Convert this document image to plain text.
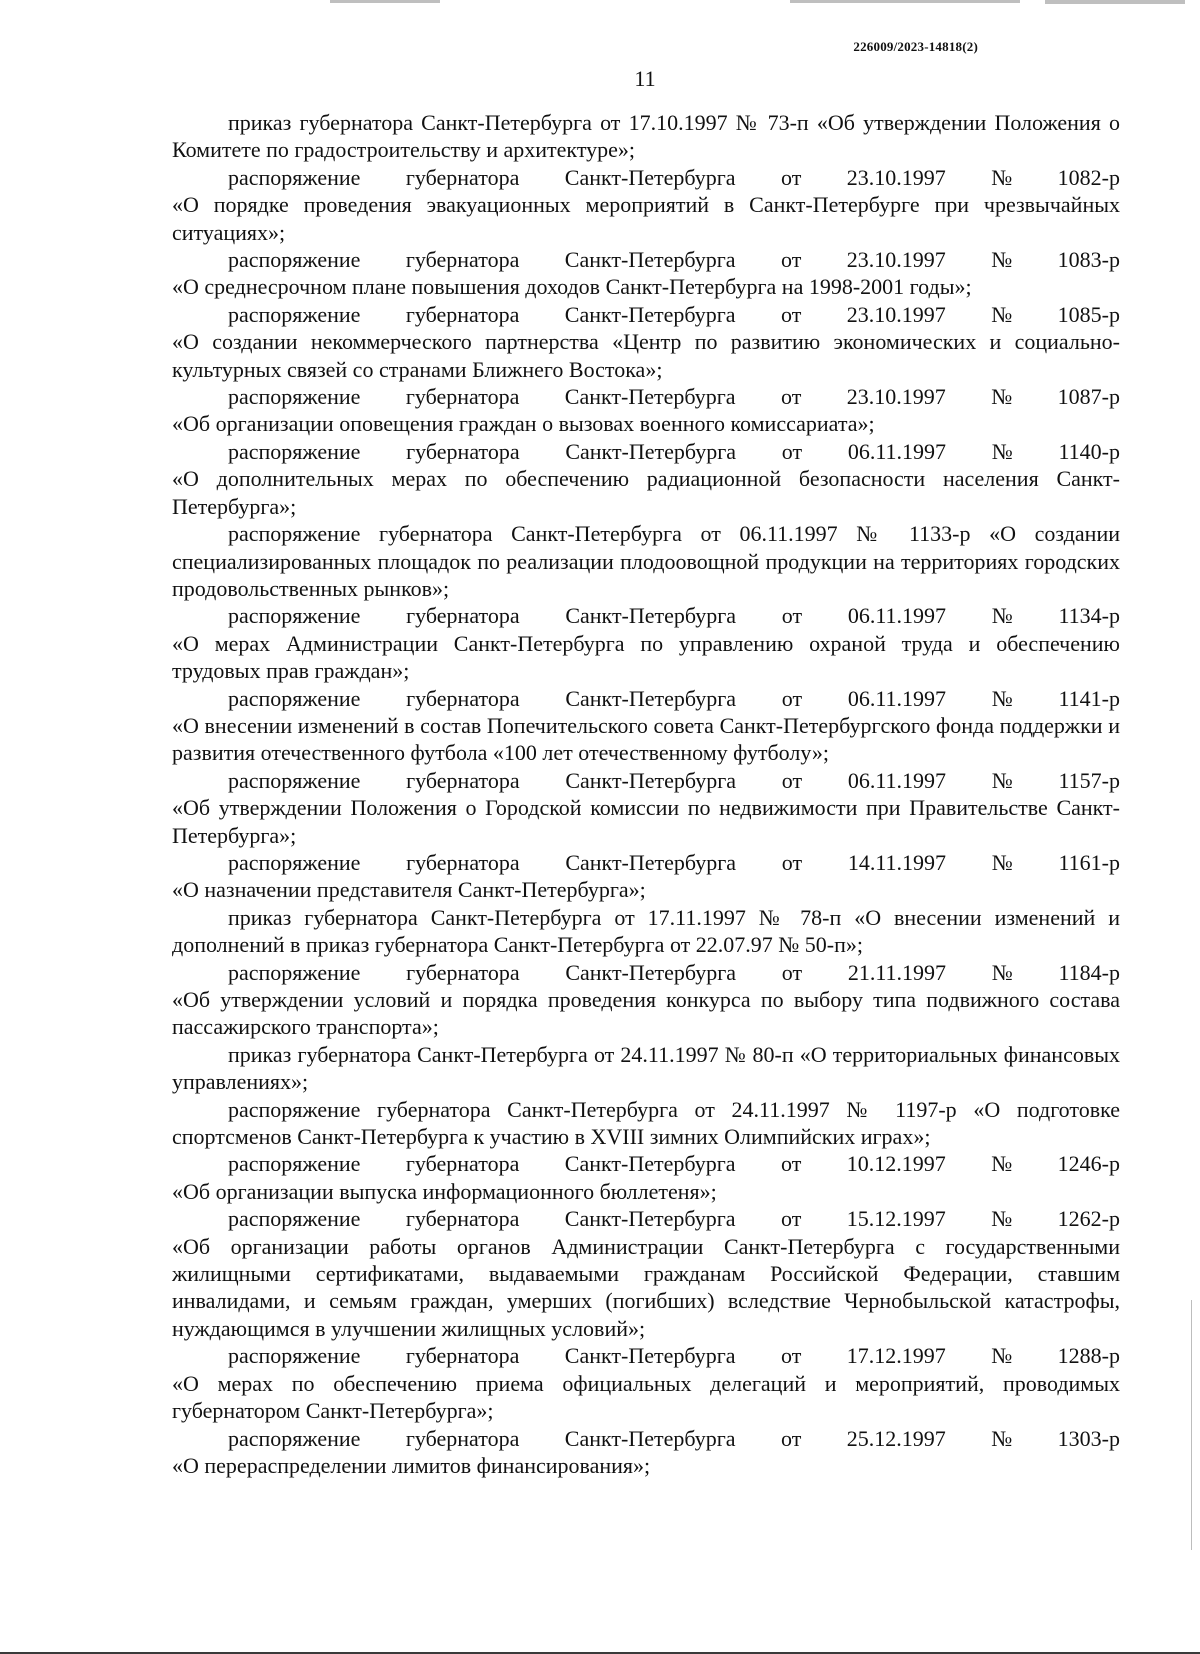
226009/2023-14818(2)
11
приказ губернатора Санкт-Петербурга от 17.10.1997 № 73-п «Об утверждении Положения о Комитете по градостроительству и архитектуре»;
распоряжение губернатора Санкт-Петербурга от 23.10.1997 № 1082-р
«О порядке проведения эвакуационных мероприятий в Санкт-Петербурге при чрезвычайных ситуациях»;
распоряжение губернатора Санкт-Петербурга от 23.10.1997 № 1083-р
«О среднесрочном плане повышения доходов Санкт-Петербурга на 1998-2001 годы»;
распоряжение губернатора Санкт-Петербурга от 23.10.1997 № 1085-р
«О создании некоммерческого партнерства «Центр по развитию экономических и социально-культурных связей со странами Ближнего Востока»;
распоряжение губернатора Санкт-Петербурга от 23.10.1997 № 1087-р
«Об организации оповещения граждан о вызовах военного комиссариата»;
распоряжение губернатора Санкт-Петербурга от 06.11.1997 № 1140-р
«О дополнительных мерах по обеспечению радиационной безопасности населения Санкт-Петербурга»;
распоряжение губернатора Санкт-Петербурга от 06.11.1997 № 1133-р «О создании специализированных площадок по реализации плодоовощной продукции на территориях городских продовольственных рынков»;
распоряжение губернатора Санкт-Петербурга от 06.11.1997 № 1134-р
«О мерах Администрации Санкт-Петербурга по управлению охраной труда и обеспечению трудовых прав граждан»;
распоряжение губернатора Санкт-Петербурга от 06.11.1997 № 1141-р
«О внесении изменений в состав Попечительского совета Санкт-Петербургского фонда поддержки и развития отечественного футбола «100 лет отечественному футболу»;
распоряжение губернатора Санкт-Петербурга от 06.11.1997 № 1157-р
«Об утверждении Положения о Городской комиссии по недвижимости при Правительстве Санкт-Петербурга»;
распоряжение губернатора Санкт-Петербурга от 14.11.1997 № 1161-р
«О назначении представителя Санкт-Петербурга»;
приказ губернатора Санкт-Петербурга от 17.11.1997 № 78-п «О внесении изменений и дополнений в приказ губернатора Санкт-Петербурга от 22.07.97 № 50-п»;
распоряжение губернатора Санкт-Петербурга от 21.11.1997 № 1184-р
«Об утверждении условий и порядка проведения конкурса по выбору типа подвижного состава пассажирского транспорта»;
приказ губернатора Санкт-Петербурга от 24.11.1997 № 80-п «О территориальных финансовых управлениях»;
распоряжение губернатора Санкт-Петербурга от 24.11.1997 № 1197-р «О подготовке спортсменов Санкт-Петербурга к участию в XVIII зимних Олимпийских играх»;
распоряжение губернатора Санкт-Петербурга от 10.12.1997 № 1246-р
«Об организации выпуска информационного бюллетеня»;
распоряжение губернатора Санкт-Петербурга от 15.12.1997 № 1262-р
«Об организации работы органов Администрации Санкт-Петербурга с государственными жилищными сертификатами, выдаваемыми гражданам Российской Федерации, ставшим инвалидами, и семьям граждан, умерших (погибших) вследствие Чернобыльской катастрофы, нуждающимся в улучшении жилищных условий»;
распоряжение губернатора Санкт-Петербурга от 17.12.1997 № 1288-р
«О мерах по обеспечению приема официальных делегаций и мероприятий, проводимых губернатором Санкт-Петербурга»;
распоряжение губернатора Санкт-Петербурга от 25.12.1997 № 1303-р
«О перераспределении лимитов финансирования»;
